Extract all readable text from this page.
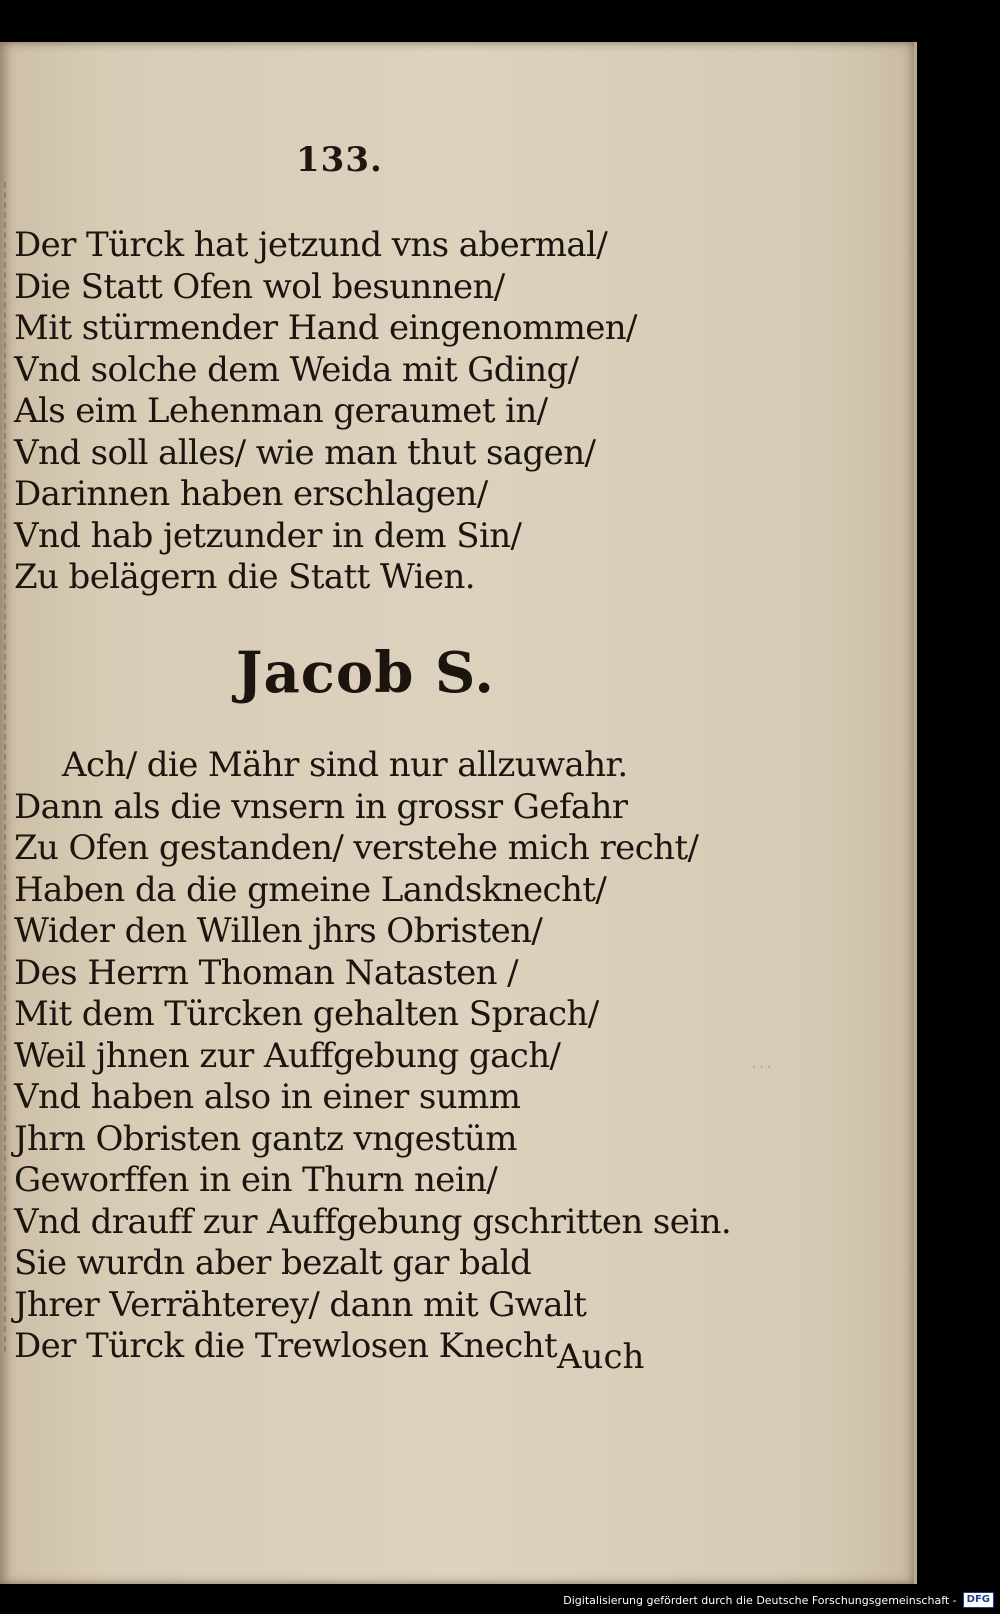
133.
Der Türck hat jetzund vns abermal/
Die Statt Ofen wol besunnen/
Mit stürmender Hand eingenommen/
Vnd solche dem Weida mit Gding/
Als eim Lehenman geraumet in/
Vnd soll alles/ wie man thut sagen/
Darinnen haben erschlagen/
Vnd hab jetzunder in dem Sin/
Zu belägern die Statt Wien.
Jacob S.
Ach/ die Mähr sind nur allzuwahr.
Dann als die vnsern in grossr Gefahr
Zu Ofen gestanden/ verstehe mich recht/
Haben da die gmeine Landsknecht/
Wider den Willen jhrs Obristen/
Des Herrn Thoman Natasten /
Mit dem Türcken gehalten Sprach/
Weil jhnen zur Auffgebung gach/
Vnd haben also in einer summ
Jhrn Obristen gantz vngestüm
Geworffen in ein Thurn nein/
Vnd drauff zur Auffgebung gschritten sein.
Sie wurdn aber bezalt gar bald
Jhrer Verrähterey/ dann mit Gwalt
Der Türck die Trewlosen Knecht Auch
· · ·
Digitalisierung gefördert durch die Deutsche Forschungsgemeinschaft -	DFG
